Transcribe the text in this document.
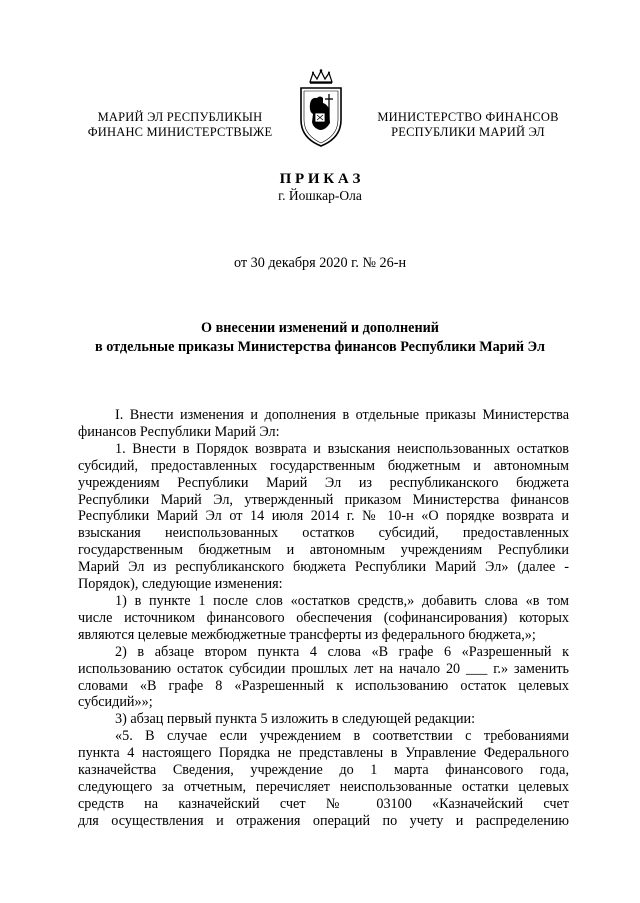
МАРИЙ ЭЛ РЕСПУБЛИКЫН
ФИНАНС МИНИСТЕРСТВЫЖЕ
МИНИСТЕРСТВО ФИНАНСОВ
РЕСПУБЛИКИ МАРИЙ ЭЛ
П Р И К А З
г. Йошкар-Ола
от 30 декабря 2020 г. № 26-н
О внесении изменений и дополнений
в отдельные приказы Министерства финансов Республики Марий Эл

I. Внести изменения и дополнения в отдельные приказы Министерства

финансов Республики Марий Эл:

1. Внести в Порядок возврата и взыскания неиспользованных остатков

субсидий, предоставленных государственным бюджетным и автономным

учреждениям Республики Марий Эл из республиканского бюджета

Республики Марий Эл, утвержденный приказом Министерства финансов

Республики Марий Эл от 14 июля 2014 г. № 10-н «О порядке возврата и

взыскания неиспользованных остатков субсидий, предоставленных

государственным бюджетным и автономным учреждениям Республики

Марий Эл из республиканского бюджета Республики Марий Эл» (далее -

Порядок), следующие изменения:

1) в пункте 1 после слов «остатков средств,» добавить слова «в том

числе источником финансового обеспечения (софинансирования) которых

являются целевые межбюджетные трансферты из федерального бюджета,»;

2) в абзаце втором пункта 4 слова «В графе 6 «Разрешенный к

использованию остаток субсидии прошлых лет на начало 20 ___ г.» заменить

словами «В графе 8 «Разрешенный к использованию остаток целевых

субсидий»»;

3) абзац первый пункта 5 изложить в следующей редакции:

«5. В случае если учреждением в соответствии с требованиями

пункта 4 настоящего Порядка не представлены в Управление Федерального

казначейства Сведения, учреждение до 1 марта финансового года,

следующего за отчетным, перечисляет неиспользованные остатки целевых

средств на казначейский счет № 03100 «Казначейский счет

для осуществления и отражения операций по учету и распределению
